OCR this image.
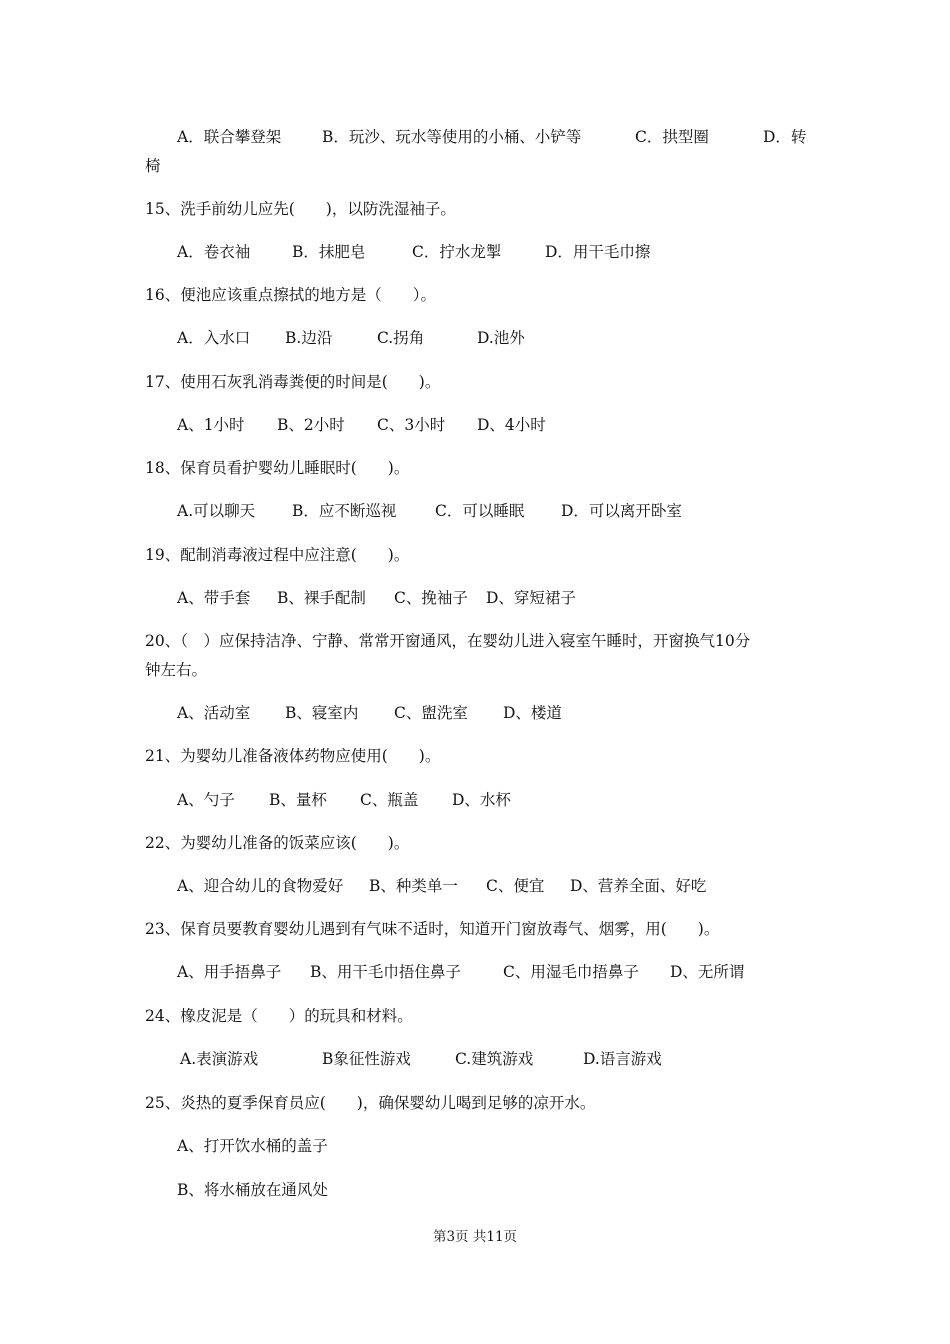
A．联合攀登架	B．玩沙、玩水等使用的小桶、小铲等	C．拱型圈	D．转
椅
15、洗手前幼儿应先(　　)，以防洗湿袖子。
A．卷衣袖	B．抹肥皂	C．拧水龙掣	D．用干毛巾擦
16、便池应该重点擦拭的地方是（　　）。
A．入水口 B.边沿	C.拐角	D.池外
17、使用石灰乳消毒粪便的时间是(　　)。
A、1小时 B、2小时 C、3小时 D、4小时
18、保育员看护婴幼儿睡眠时(　　)。
A.可以聊天 B．应不断巡视 C．可以睡眠 D．可以离开卧室
19、配制消毒液过程中应注意(　　)。
A、带手套 B、裸手配制 C、挽袖子 D、穿短裙子
20、（　）应保持洁净、宁静、常常开窗通风，在婴幼儿进入寝室午睡时，开窗换气10分
钟左右。
A、活动室 B、寝室内 C、盥洗室 D、楼道
21、为婴幼儿准备液体药物应使用(　　)。
A、勺子 B、量杯 C、瓶盖 D、水杯
22、为婴幼儿准备的饭菜应该(　　)。
A、迎合幼儿的食物爱好 B、种类单一 C、便宜 D、营养全面、好吃
23、保育员要教育婴幼儿遇到有气味不适时，知道开门窗放毒气、烟雾，用(　　)。
A、用手捂鼻子 B、用干毛巾捂住鼻子	C、用湿毛巾捂鼻子 D、无所谓
24、橡皮泥是（　　）的玩具和材料。
A.表演游戏	B象征性游戏	C.建筑游戏	D.语言游戏
25、炎热的夏季保育员应(　　)，确保婴幼儿喝到足够的凉开水。
A、打开饮水桶的盖子
B、将水桶放在通风处
第3页 共11页
